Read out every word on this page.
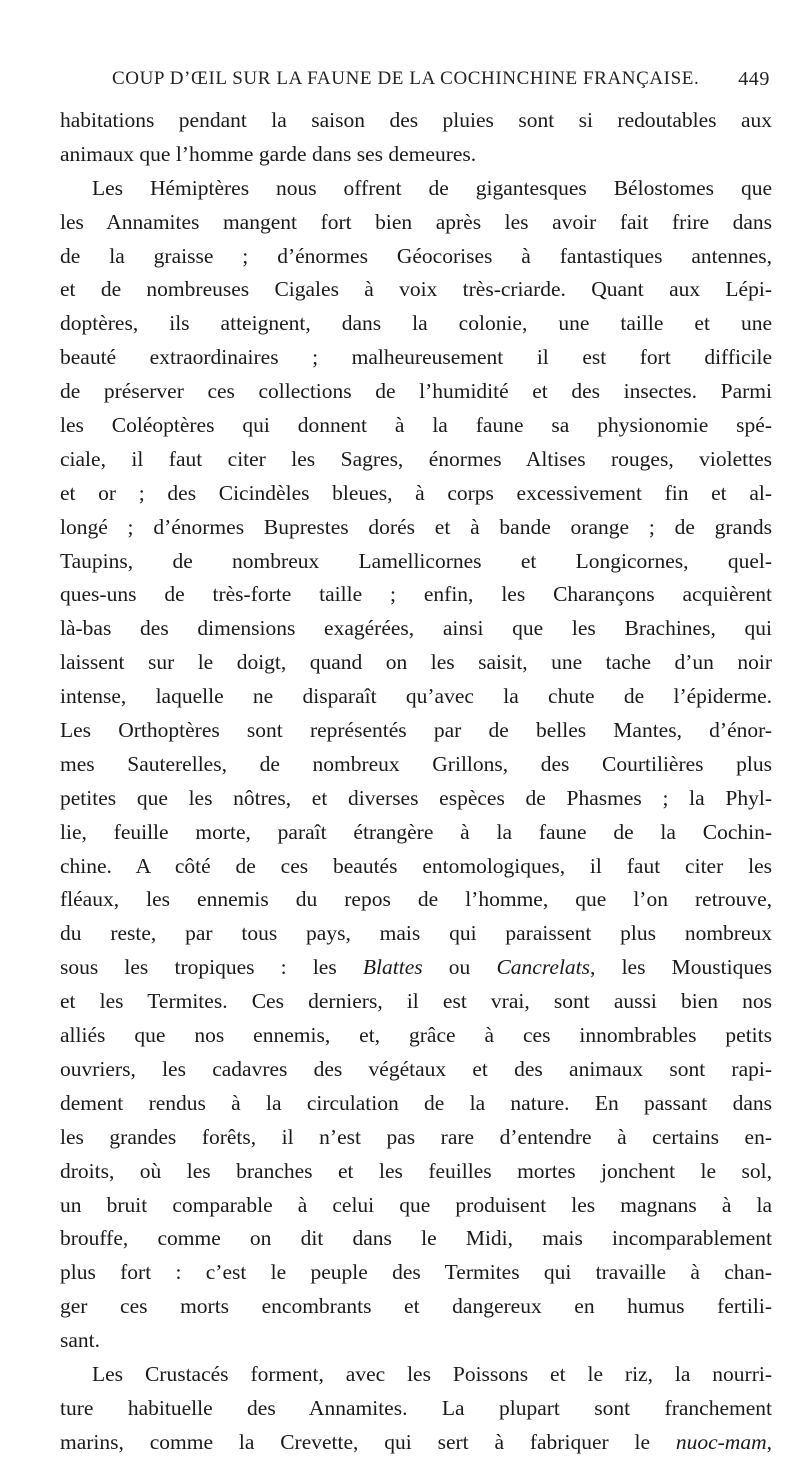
COUP D’ŒIL SUR LA FAUNE DE LA COCHINCHINE FRANÇAISE. 449
habitations pendant la saison des pluies sont si redoutables aux
animaux que l’homme garde dans ses demeures.
Les Hémiptères nous offrent de gigantesques Bélostomes que
les Annamites mangent fort bien après les avoir fait frire dans
de la graisse ; d’énormes Géocorises à fantastiques antennes,
et de nombreuses Cigales à voix très-criarde. Quant aux Lépi-
doptères, ils atteignent, dans la colonie, une taille et une
beauté extraordinaires ; malheureusement il est fort difficile
de préserver ces collections de l’humidité et des insectes. Parmi
les Coléoptères qui donnent à la faune sa physionomie spé-
ciale, il faut citer les Sagres, énormes Altises rouges, violettes
et or ; des Cicindèles bleues, à corps excessivement fin et al-
longé ; d’énormes Buprestes dorés et à bande orange ; de grands
Taupins, de nombreux Lamellicornes et Longicornes, quel-
ques-uns de très-forte taille ; enfin, les Charançons acquièrent
là-bas des dimensions exagérées, ainsi que les Brachines, qui
laissent sur le doigt, quand on les saisit, une tache d’un noir
intense, laquelle ne disparaît qu’avec la chute de l’épiderme.
Les Orthoptères sont représentés par de belles Mantes, d’énor-
mes Sauterelles, de nombreux Grillons, des Courtilières plus
petites que les nôtres, et diverses espèces de Phasmes ; la Phyl-
lie, feuille morte, paraît étrangère à la faune de la Cochin-
chine. A côté de ces beautés entomologiques, il faut citer les
fléaux, les ennemis du repos de l’homme, que l’on retrouve,
du reste, par tous pays, mais qui paraissent plus nombreux
sous les tropiques : les Blattes ou Cancrelats, les Moustiques
et les Termites. Ces derniers, il est vrai, sont aussi bien nos
alliés que nos ennemis, et, grâce à ces innombrables petits
ouvriers, les cadavres des végétaux et des animaux sont rapi-
dement rendus à la circulation de la nature. En passant dans
les grandes forêts, il n’est pas rare d’entendre à certains en-
droits, où les branches et les feuilles mortes jonchent le sol,
un bruit comparable à celui que produisent les magnans à la
brouffe, comme on dit dans le Midi, mais incomparablement
plus fort : c’est le peuple des Termites qui travaille à chan-
ger ces morts encombrants et dangereux en humus fertili-
sant.
Les Crustacés forment, avec les Poissons et le riz, la nourri-
ture habituelle des Annamites. La plupart sont franchement
marins, comme la Crevette, qui sert à fabriquer le nuoc-mam,
